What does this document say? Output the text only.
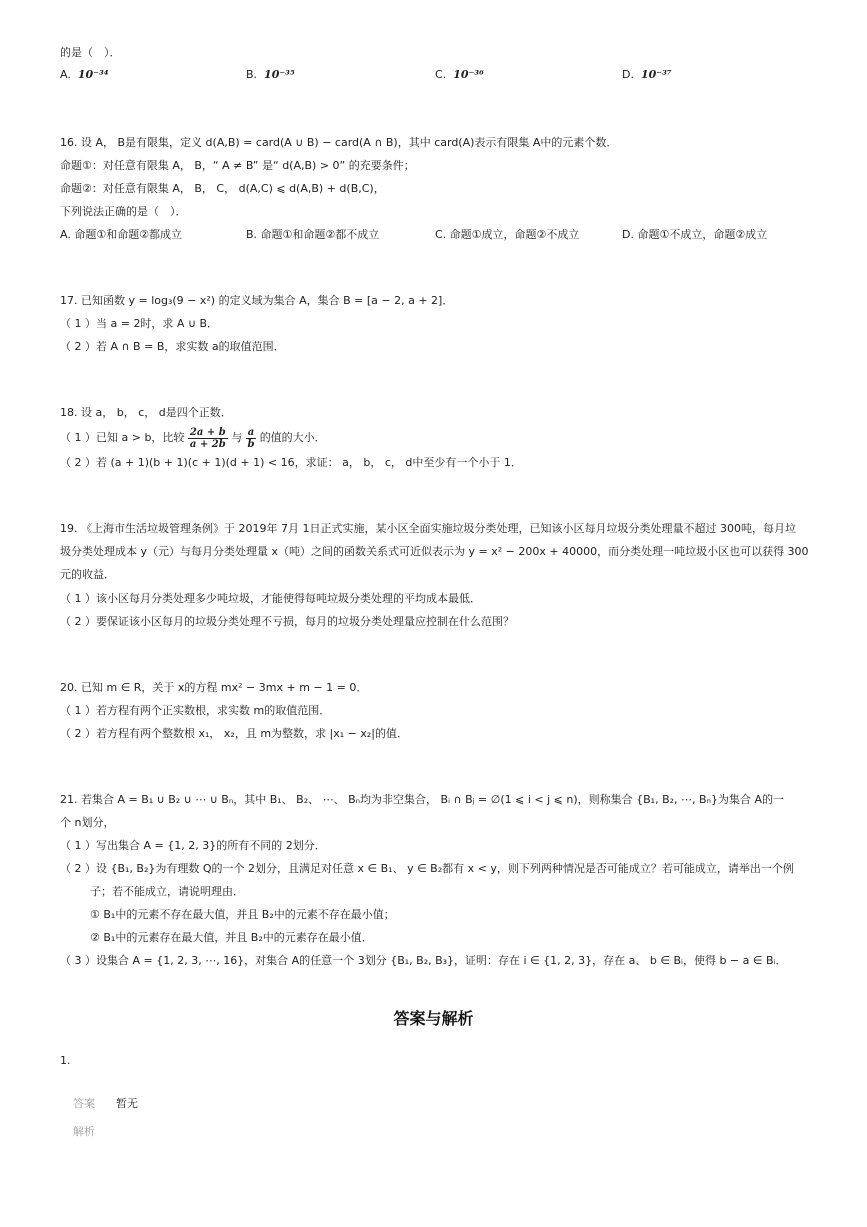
的是（　）．
A. 10⁻³⁴	B. 10⁻³⁵	C. 10⁻³⁶	D. 10⁻³⁷
16. 设 A， B是有限集，定义 d(A,B) = card(A ∪ B) − card(A ∩ B)，其中 card(A)表示有限集 A中的元素个数．
命题①：对任意有限集 A， B，“ A ≠ B” 是“ d(A,B) > 0” 的充要条件；
命题②：对任意有限集 A， B， C， d(A,C) ⩽ d(A,B) + d(B,C)，
下列说法正确的是（　）．
A. 命题①和命题②都成立	B. 命题①和命题②都不成立	C. 命题①成立，命题②不成立	D. 命题①不成立，命题②成立
17. 已知函数 y = log₃(9 − x²) 的定义域为集合 A，集合 B = [a − 2, a + 2]．
（ 1 ）当 a = 2时，求 A ∪ B．
（ 2 ）若 A ∩ B = B，求实数 a的取值范围．
18. 设 a， b， c， d是四个正数．
（ 1 ）已知 a > b，比较 $\frac{2a + b}{a + 2b}$ 与 $\frac{a}{b}$ 的值的大小．
（ 2 ）若 (a + 1)(b + 1)(c + 1)(d + 1) < 16，求证： a， b， c， d中至少有一个小于 1．
19. 《上海市生活垃圾管理条例》于 2019年 7月 1日正式实施，某小区全面实施垃圾分类处理，已知该小区每月垃圾分类处理量不超过 300吨，每月垃
圾分类处理成本 y（元）与每月分类处理量 x（吨）之间的函数关系式可近似表示为 y = x² − 200x + 40000，而分类处理一吨垃圾小区也可以获得 300
元的收益．
（ 1 ）该小区每月分类处理多少吨垃圾，才能使得每吨垃圾分类处理的平均成本最低．
（ 2 ）要保证该小区每月的垃圾分类处理不亏损，每月的垃圾分类处理量应控制在什么范围？
20. 已知 m ∈ R，关于 x的方程 mx² − 3mx + m − 1 = 0．
（ 1 ）若方程有两个正实数根，求实数 m的取值范围．
（ 2 ）若方程有两个整数根 x₁， x₂，且 m为整数，求 |x₁ − x₂|的值．
21. 若集合 A = B₁ ∪ B₂ ∪ ⋯ ∪ Bₙ，其中 B₁、 B₂、 ⋯、 Bₙ均为非空集合， Bᵢ ∩ Bⱼ = ∅(1 ⩽ i < j ⩽ n)，则称集合 {B₁, B₂, ⋯, Bₙ}为集合 A的一
个 n划分，
（ 1 ）写出集合 A = {1, 2, 3}的所有不同的 2划分．
（ 2 ）设 {B₁, B₂}为有理数 Q的一个 2划分，且满足对任意 x ∈ B₁、 y ∈ B₂都有 x < y，则下列两种情况是否可能成立？若可能成立，请举出一个例
子；若不能成立，请说明理由．
① B₁中的元素不存在最大值，并且 B₂中的元素不存在最小值；
② B₁中的元素存在最大值，并且 B₂中的元素存在最小值．
（ 3 ）设集合 A = {1, 2, 3, ⋯, 16}，对集合 A的任意一个 3划分 {B₁, B₂, B₃}，证明：存在 i ∈ {1, 2, 3}，存在 a、 b ∈ Bᵢ，使得 b − a ∈ Bᵢ．
答案与解析
1.
答案 暂无
解析
